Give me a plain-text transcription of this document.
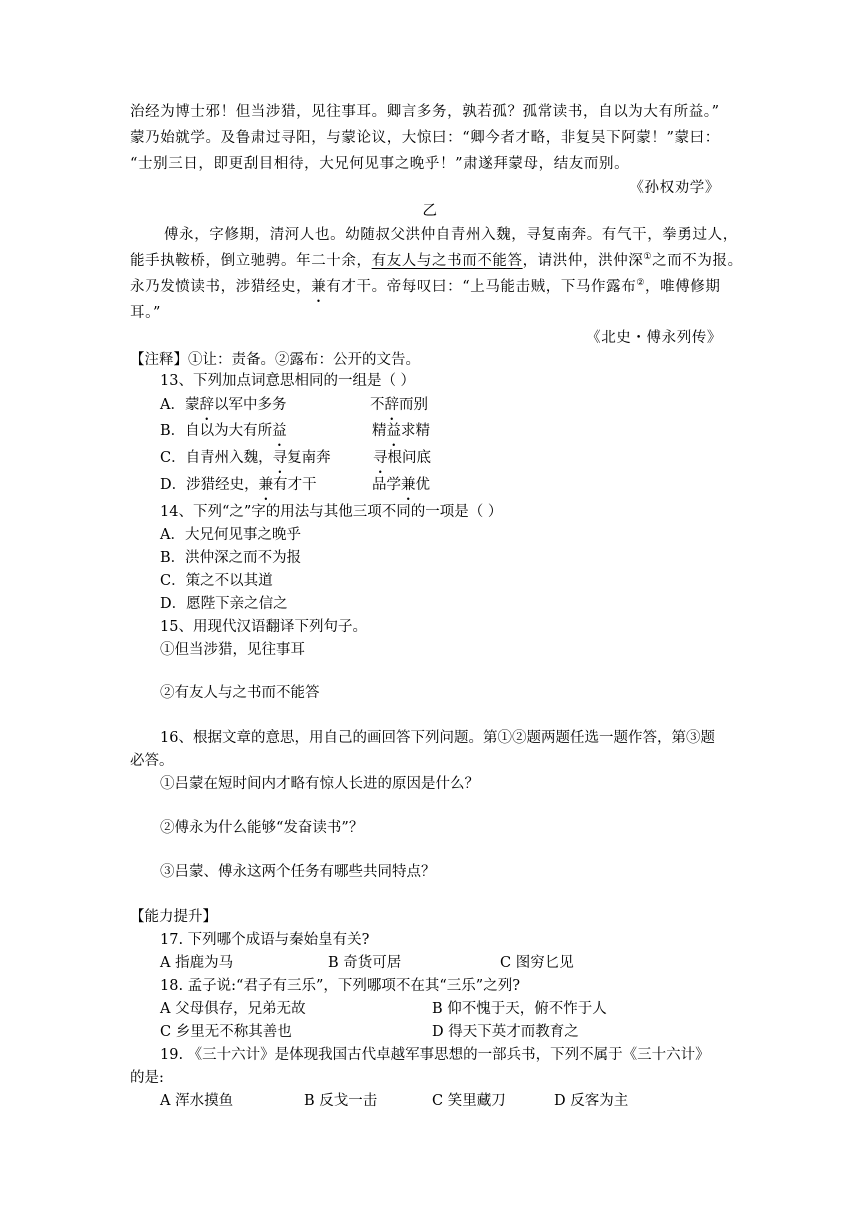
治经为博士邪！但当涉猎，见往事耳。卿言多务，孰若孤？孤常读书，自以为大有所益。”
蒙乃始就学。及鲁肃过寻阳，与蒙论议，大惊曰：“卿今者才略，非复吴下阿蒙！”蒙曰：
“士别三日，即更刮目相待，大兄何见事之晚乎！”肃遂拜蒙母，结友而别。
《孙权劝学》
乙
傅永，字修期，清河人也。幼随叔父洪仲自青州入魏，寻复南奔。有气干，拳勇过人，
能手执鞍桥，倒立驰骋。年二十余，有友人与之书而不能答，请洪仲，洪仲深①之而不为报。
永乃发愤读书，涉猎经史，兼有才干。帝每叹曰：“上马能击贼，下马作露布②，唯傅修期
耳。”
《北史・傅永列传》
【注释】①让：责备。②露布：公开的文告。
13、下列加点词意思相同的一组是（ ）
A．蒙辞以军中多务	不辞而别
B．自以为大有所益	精益求精
C．自青州入魏，寻复南奔	寻根问底
D．涉猎经史，兼有才干	品学兼优
14、下列“之”字的用法与其他三项不同的一项是（ ）
A．大兄何见事之晚乎
B．洪仲深之而不为报
C．策之不以其道
D．愿陛下亲之信之
15、用现代汉语翻译下列句子。
①但当涉猎，见往事耳
②有友人与之书而不能答
16、根据文章的意思，用自己的画回答下列问题。第①②题两题任选一题作答，第③题
必答。
①吕蒙在短时间内才略有惊人长进的原因是什么？
②傅永为什么能够“发奋读书”？
③吕蒙、傅永这两个任务有哪些共同特点？
【能力提升】
17. 下列哪个成语与秦始皇有关?
A 指鹿为马	B 奇货可居	C 图穷匕见
18. 孟子说:“君子有三乐”，下列哪项不在其“三乐”之列?
A 父母俱存，兄弟无故	B 仰不愧于天，俯不怍于人
C 乡里无不称其善也	D 得天下英才而教育之
19. 《三十六计》是体现我国古代卓越军事思想的一部兵书，下列不属于《三十六计》
的是:
A 浑水摸鱼	B 反戈一击	C 笑里藏刀	D 反客为主
